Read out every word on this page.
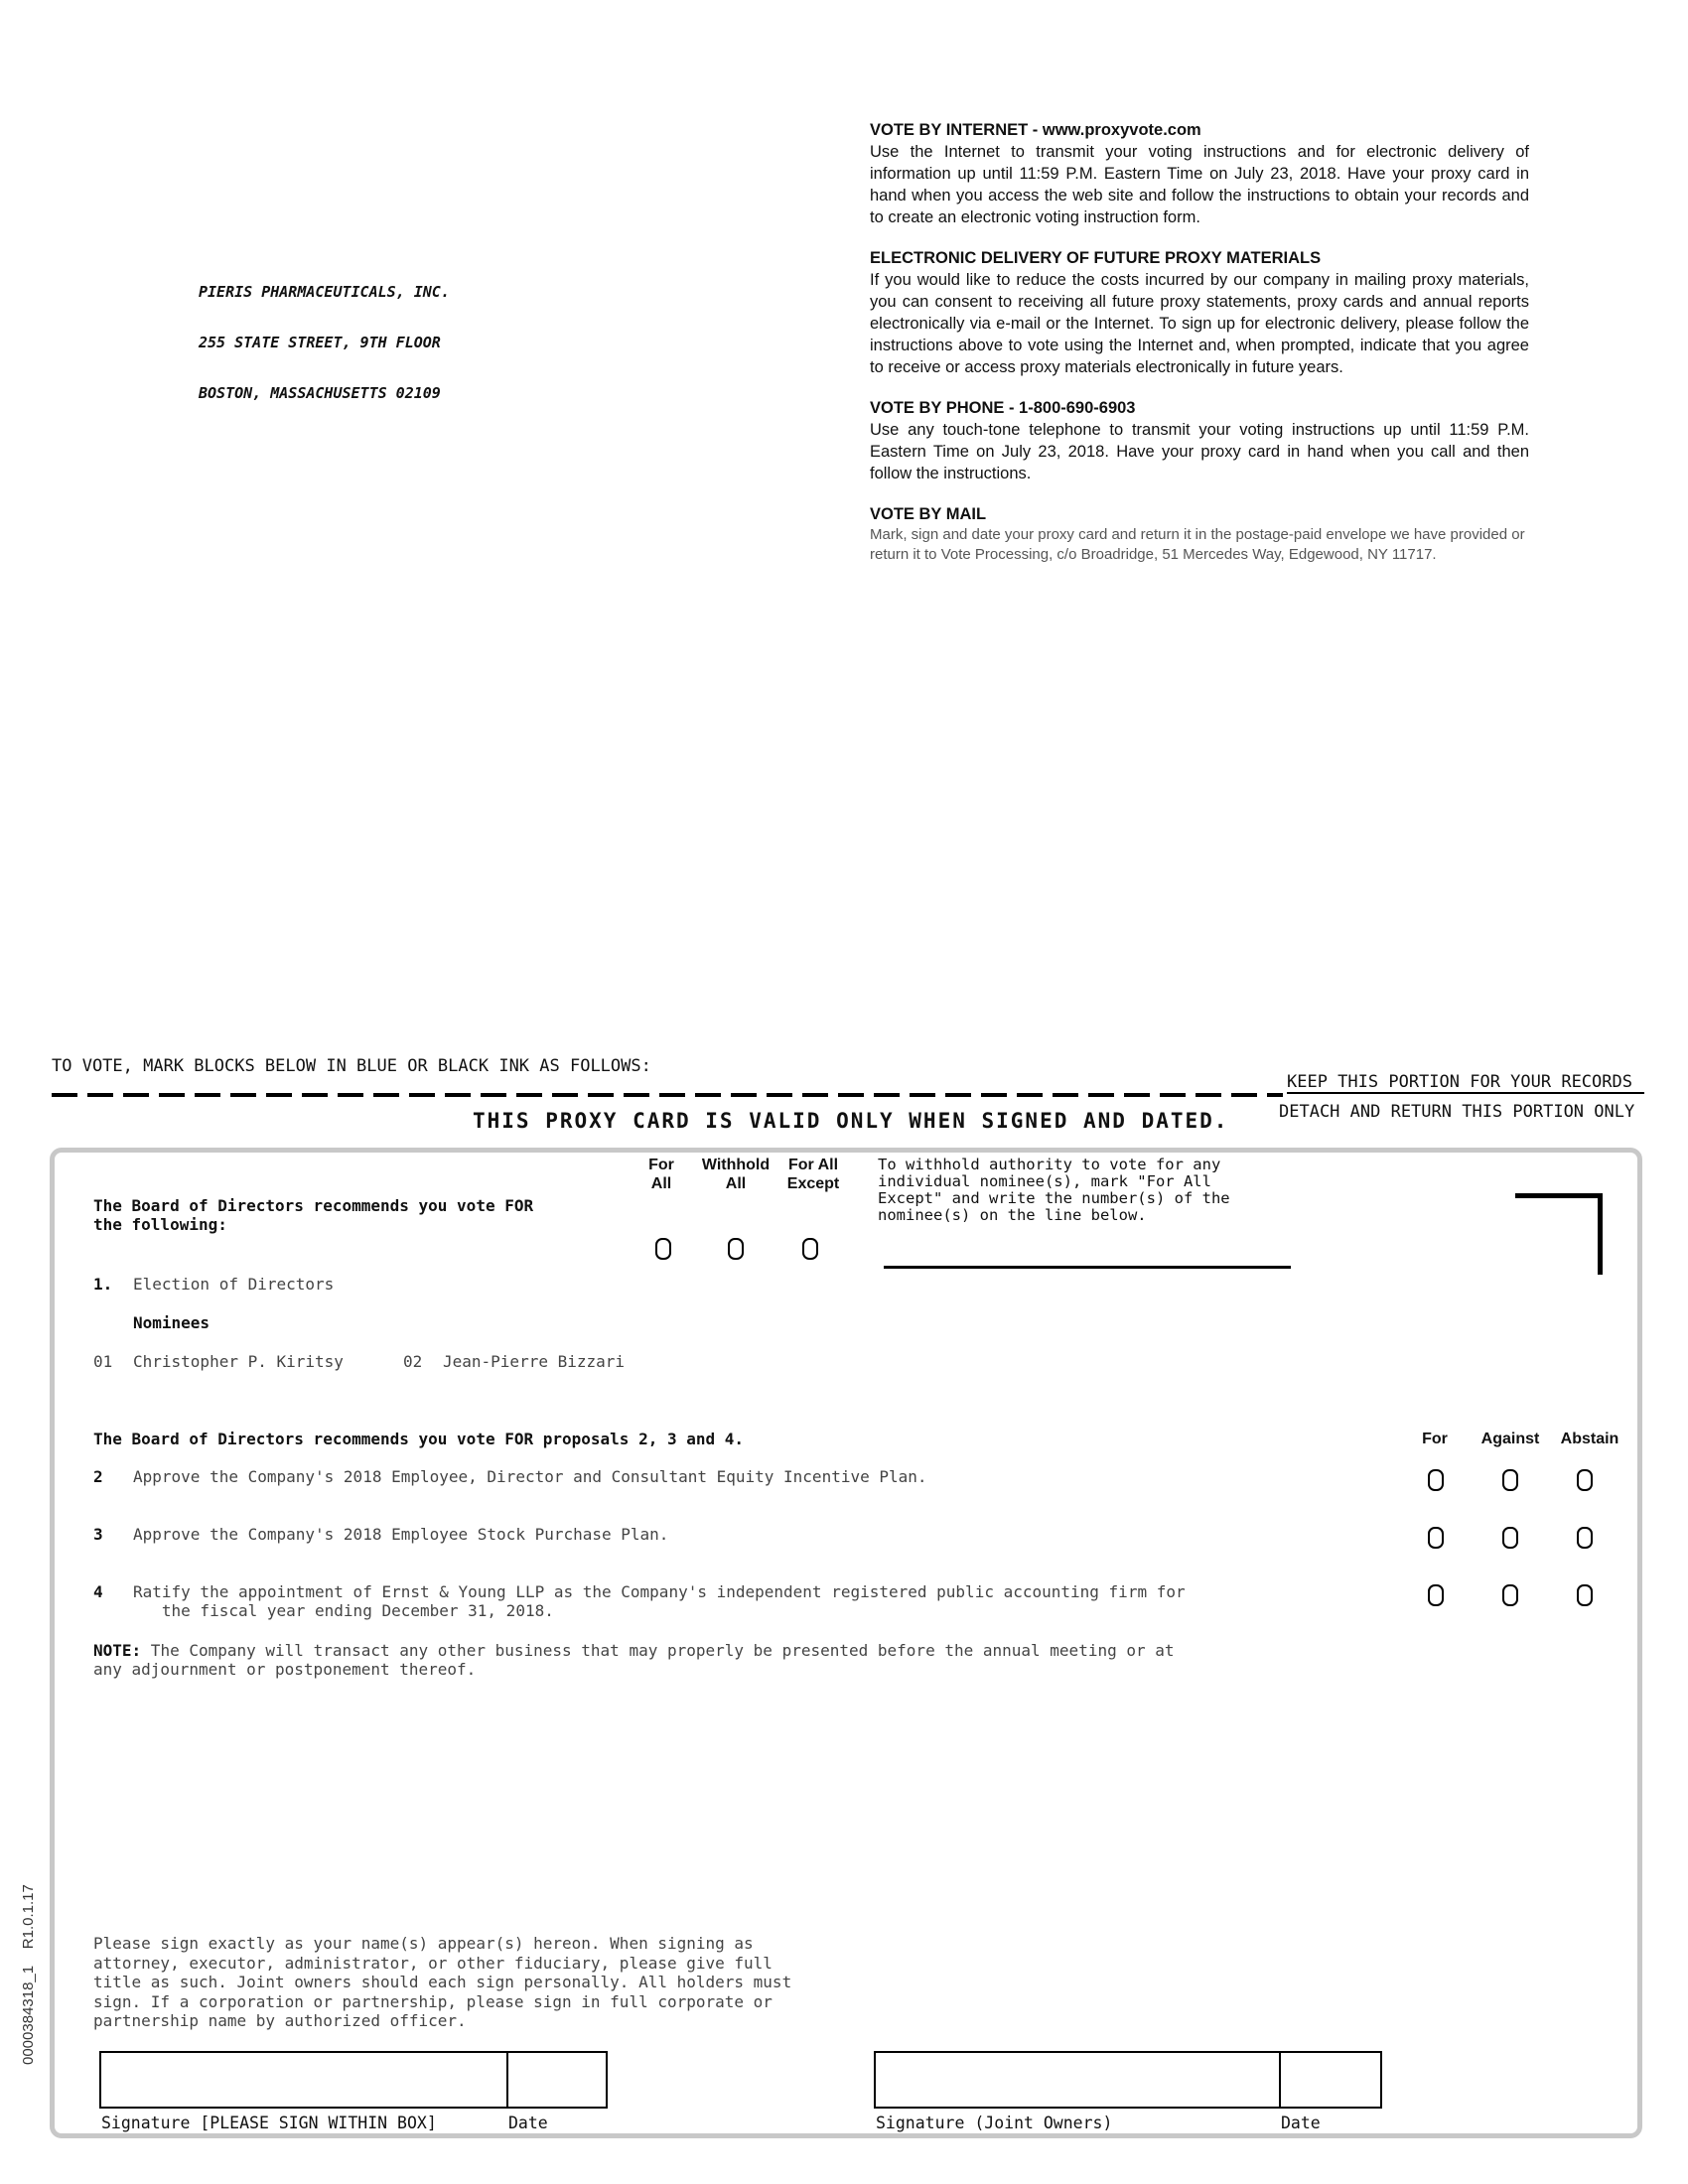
PIERIS PHARMACEUTICALS, INC.

255 STATE STREET, 9TH FLOOR

BOSTON, MASSACHUSETTS 02109

VOTE BY INTERNET - www.proxyvote.com

Use the Internet to transmit your voting instructions and for electronic delivery of information up until 11:59 P.M. Eastern Time on July 23, 2018. Have your proxy card in hand when you access the web site and follow the instructions to obtain your records and to create an electronic voting instruction form.

ELECTRONIC DELIVERY OF FUTURE PROXY MATERIALS

If you would like to reduce the costs incurred by our company in mailing proxy materials, you can consent to receiving all future proxy statements, proxy cards and annual reports electronically via e-mail or the Internet. To sign up for electronic delivery, please follow the instructions above to vote using the Internet and, when prompted, indicate that you agree to receive or access proxy materials electronically in future years.

VOTE BY PHONE - 1-800-690-6903

Use any touch-tone telephone to transmit your voting instructions up until 11:59 P.M. Eastern Time on July 23, 2018. Have your proxy card in hand when you call and then follow the instructions.

VOTE BY MAIL

Mark, sign and date your proxy card and return it in the postage-paid envelope we have provided or return it to Vote Processing, c/o Broadridge, 51 Mercedes Way, Edgewood, NY 11717.

TO VOTE, MARK BLOCKS BELOW IN BLUE OR BLACK INK AS FOLLOWS:
KEEP THIS PORTION FOR YOUR RECORDS
DETACH AND RETURN THIS PORTION ONLY
THIS PROXY CARD IS VALID ONLY WHEN SIGNED AND DATED.
The Board of Directors recommends you vote FOR
the following:
For
All
Withhold
All
For All
Except
To withhold authority to vote for any
individual nominee(s), mark "For All
Except" and write the number(s) of the
nominee(s) on the line below.
1. Election of Directors
Nominees
01 Christopher P. Kiritsy	02 Jean-Pierre Bizzari
The Board of Directors recommends you vote FOR proposals 2, 3 and 4.	For	Against	Abstain
2 Approve the Company's 2018 Employee, Director and Consultant Equity Incentive Plan.
3 Approve the Company's 2018 Employee Stock Purchase Plan.
4 Ratify the appointment of Ernst & Young LLP as the Company's independent registered public accounting firm for
the fiscal year ending December 31, 2018.
NOTE: The Company will transact any other business that may properly be presented before the annual meeting or at
any adjournment or postponement thereof.
Please sign exactly as your name(s) appear(s) hereon. When signing as
attorney, executor, administrator, or other fiduciary, please give full
title as such. Joint owners should each sign personally. All holders must
sign. If a corporation or partnership, please sign in full corporate or
partnership name by authorized officer.
Signature [PLEASE SIGN WITHIN BOX]	Date	Signature (Joint Owners)	Date
0000384318_1    R1.0.1.17
